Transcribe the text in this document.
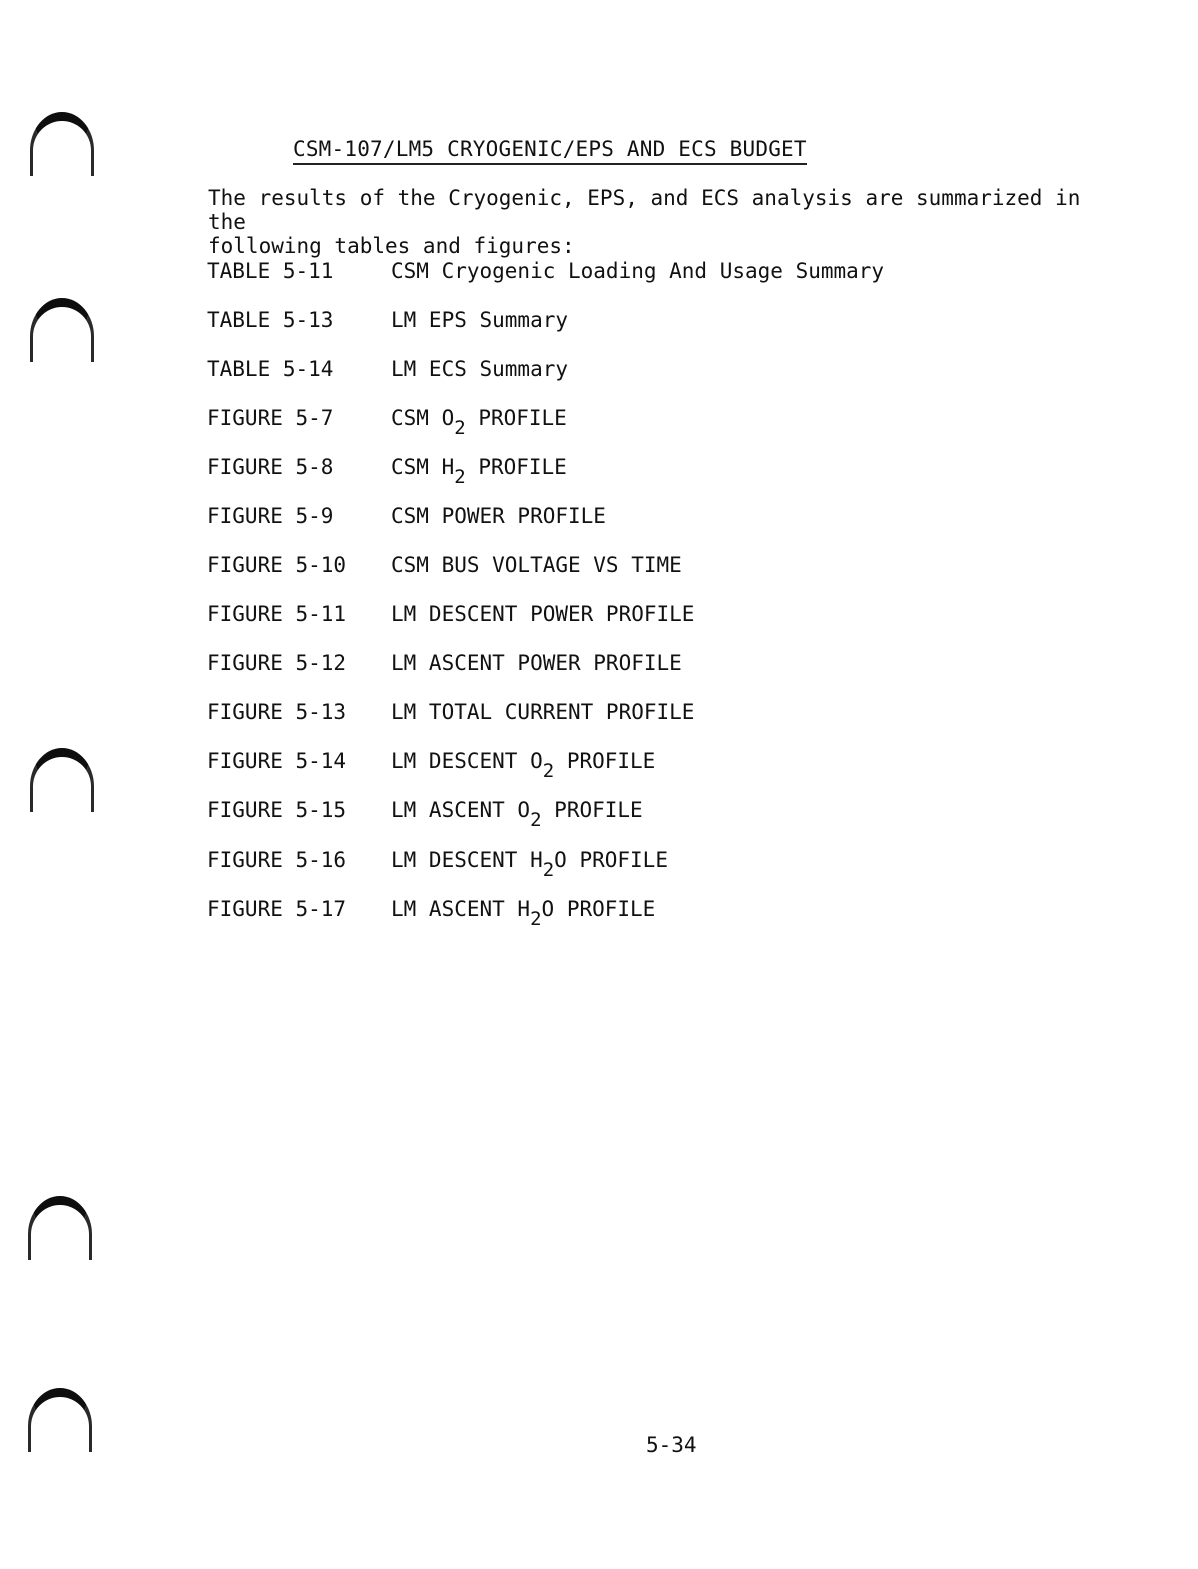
CSM-107/LM5 CRYOGENIC/EPS AND ECS BUDGET
The results of the Cryogenic, EPS, and ECS analysis are summarized in the
following tables and figures:
TABLE 5-11	CSM Cryogenic Loading And Usage Summary
TABLE 5-13	LM EPS Summary
TABLE 5-14	LM ECS Summary
FIGURE 5-7	CSM $O_2$ PROFILE
FIGURE 5-8	CSM $H_2$ PROFILE
FIGURE 5-9	CSM POWER PROFILE
FIGURE 5-10 CSM BUS VOLTAGE VS TIME
FIGURE 5-11 LM DESCENT POWER PROFILE
FIGURE 5-12 LM ASCENT POWER PROFILE
FIGURE 5-13 LM TOTAL CURRENT PROFILE
FIGURE 5-14 LM DESCENT $O_2$ PROFILE
FIGURE 5-15 LM ASCENT $O_2$ PROFILE
FIGURE 5-16 LM DESCENT $H_2O$ PROFILE
FIGURE 5-17 LM ASCENT $H_2O$ PROFILE
5-34
